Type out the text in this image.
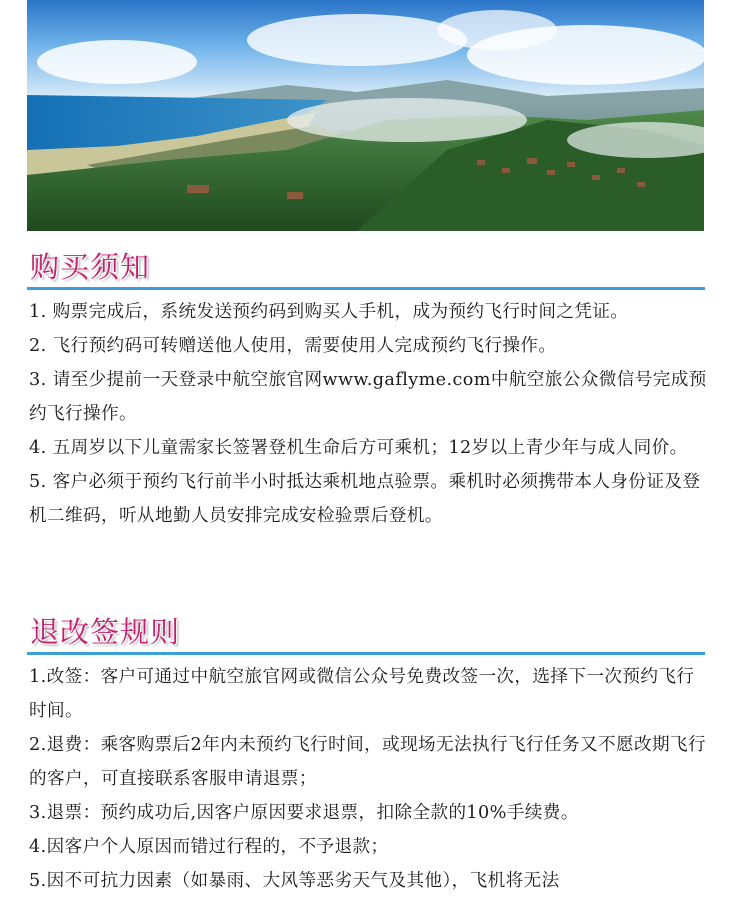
购买须知
1. 购票完成后，系统发送预约码到购买人手机，成为预约飞行时间之凭证。
2. 飞行预约码可转赠送他人使用，需要使用人完成预约飞行操作。
3. 请至少提前一天登录中航空旅官网www.gaflyme.com中航空旅公众微信号完成预约飞行操作。
4. 五周岁以下儿童需家长签署登机生命后方可乘机；12岁以上青少年与成人同价。
5. 客户必须于预约飞行前半小时抵达乘机地点验票。乘机时必须携带本人身份证及登机二维码，听从地勤人员安排完成安检验票后登机。
退改签规则
1.改签：客户可通过中航空旅官网或微信公众号免费改签一次，选择下一次预约飞行时间。
2.退费：乘客购票后2年内未预约飞行时间，或现场无法执行飞行任务又不愿改期飞行的客户，可直接联系客服申请退票；
3.退票：预约成功后,因客户原因要求退票，扣除全款的10%手续费。
4.因客户个人原因而错过行程的，不予退款；
5.因不可抗力因素（如暴雨、大风等恶劣天气及其他），飞机将无法
